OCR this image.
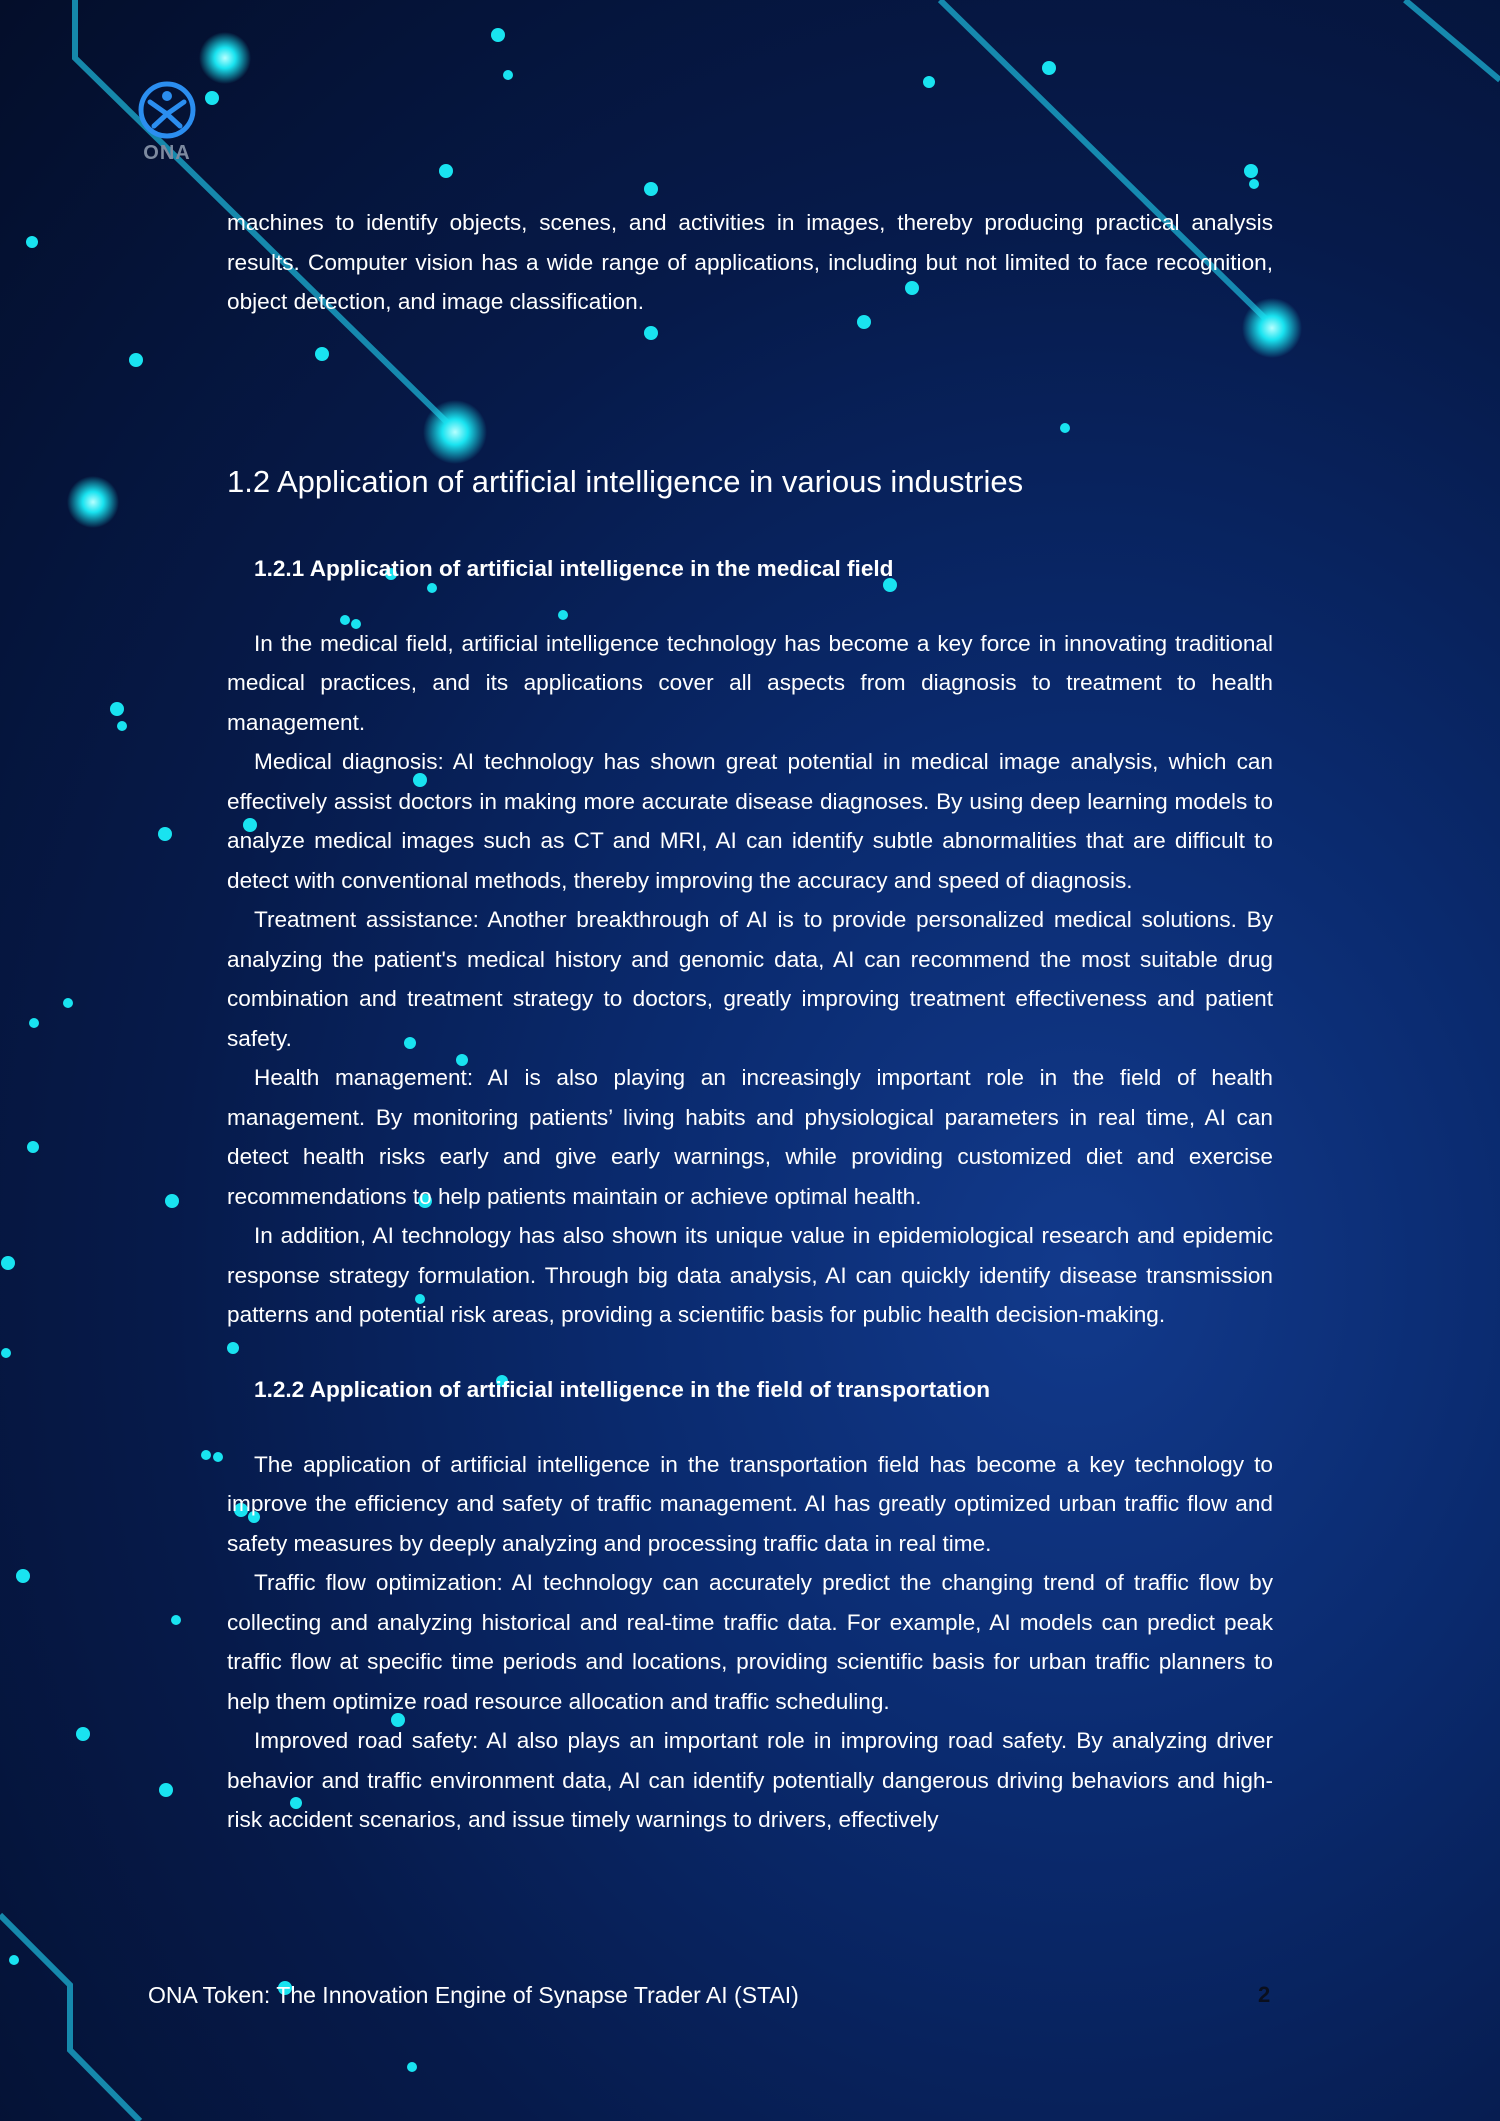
ONA

machines to identify objects, scenes, and activities in images, thereby producing practical analysis results. Computer vision has a wide range of applications, including but not limited to face recognition, object detection, and image classification.

1.2 Application of artificial intelligence in various industries
1.2.1 Application of artificial intelligence in the medical field

In the medical field, artificial intelligence technology has become a key force in innovating traditional medical practices, and its applications cover all aspects from diagnosis to treatment to health management.

Medical diagnosis: AI technology has shown great potential in medical image analysis, which can effectively assist doctors in making more accurate disease diagnoses. By using deep learning models to analyze medical images such as CT and MRI, AI can identify subtle abnormalities that are difficult to detect with conventional methods, thereby improving the accuracy and speed of diagnosis.

Treatment assistance: Another breakthrough of AI is to provide personalized medical solutions. By analyzing the patient's medical history and genomic data, AI can recommend the most suitable drug combination and treatment strategy to doctors, greatly improving treatment effectiveness and patient safety.

Health management: AI is also playing an increasingly important role in the field of health management. By monitoring patients’ living habits and physiological parameters in real time, AI can detect health risks early and give early warnings, while providing customized diet and exercise recommendations to help patients maintain or achieve optimal health.

In addition, AI technology has also shown its unique value in epidemiological research and epidemic response strategy formulation. Through big data analysis, AI can quickly identify disease transmission patterns and potential risk areas, providing a scientific basis for public health decision-making.

1.2.2 Application of artificial intelligence in the field of transportation

The application of artificial intelligence in the transportation field has become a key technology to improve the efficiency and safety of traffic management. AI has greatly optimized urban traffic flow and safety measures by deeply analyzing and processing traffic data in real time.

Traffic flow optimization: AI technology can accurately predict the changing trend of traffic flow by collecting and analyzing historical and real-time traffic data. For example, AI models can predict peak traffic flow at specific time periods and locations, providing scientific basis for urban traffic planners to help them optimize road resource allocation and traffic scheduling.

Improved road safety: AI also plays an important role in improving road safety. By analyzing driver behavior and traffic environment data, AI can identify potentially dangerous driving behaviors and high-risk accident scenarios, and issue timely warnings to drivers, effectively

ONA Token: The Innovation Engine of Synapse Trader AI (STAI)	2
